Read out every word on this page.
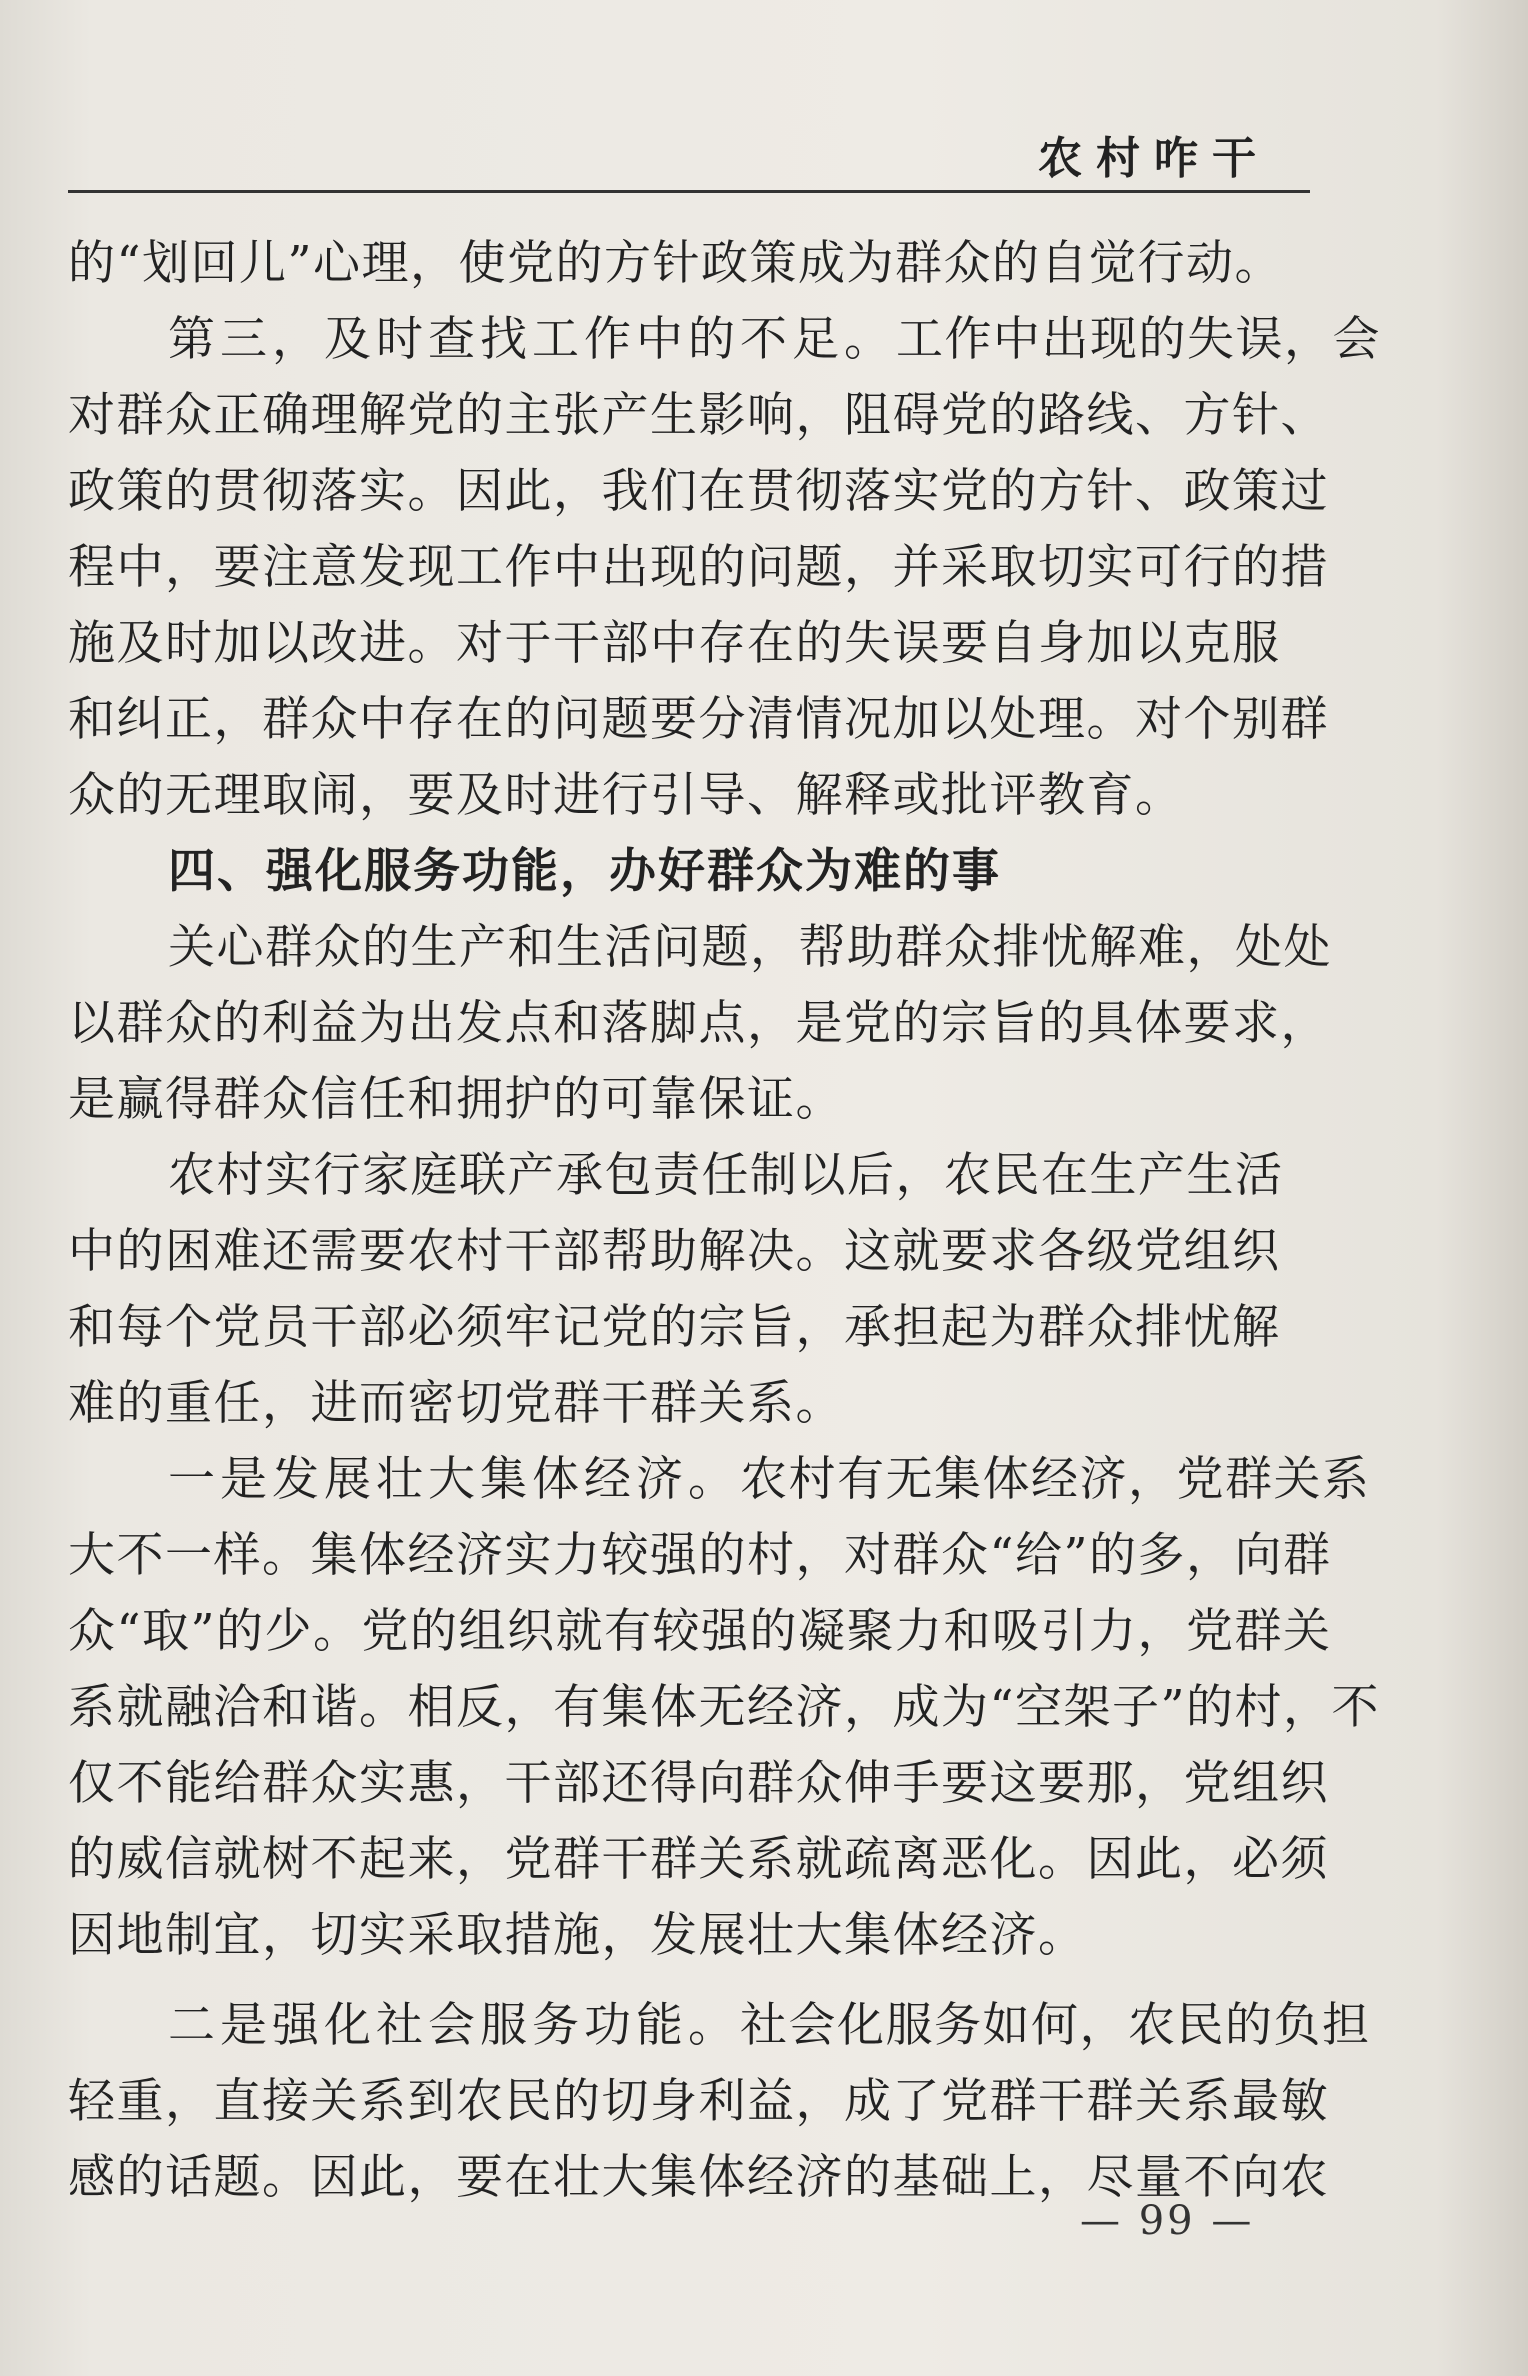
农村咋干
的“划回儿”心理，使党的方针政策成为群众的自觉行动。
第三，及时查找工作中的不足。工作中出现的失误，会
对群众正确理解党的主张产生影响，阻碍党的路线、方针、
政策的贯彻落实。因此，我们在贯彻落实党的方针、政策过
程中，要注意发现工作中出现的问题，并采取切实可行的措
施及时加以改进。对于干部中存在的失误要自身加以克服
和纠正，群众中存在的问题要分清情况加以处理。对个别群
众的无理取闹，要及时进行引导、解释或批评教育。
四、强化服务功能，办好群众为难的事
关心群众的生产和生活问题，帮助群众排忧解难，处处
以群众的利益为出发点和落脚点，是党的宗旨的具体要求，
是赢得群众信任和拥护的可靠保证。
农村实行家庭联产承包责任制以后，农民在生产生活
中的困难还需要农村干部帮助解决。这就要求各级党组织
和每个党员干部必须牢记党的宗旨，承担起为群众排忧解
难的重任，进而密切党群干群关系。
一是发展壮大集体经济。农村有无集体经济，党群关系
大不一样。集体经济实力较强的村，对群众“给”的多，向群
众“取”的少。党的组织就有较强的凝聚力和吸引力，党群关
系就融洽和谐。相反，有集体无经济，成为“空架子”的村，不
仅不能给群众实惠，干部还得向群众伸手要这要那，党组织
的威信就树不起来，党群干群关系就疏离恶化。因此，必须
因地制宜，切实采取措施，发展壮大集体经济。
二是强化社会服务功能。社会化服务如何，农民的负担
轻重，直接关系到农民的切身利益，成了党群干群关系最敏
感的话题。因此，要在壮大集体经济的基础上，尽量不向农
— 99 —
